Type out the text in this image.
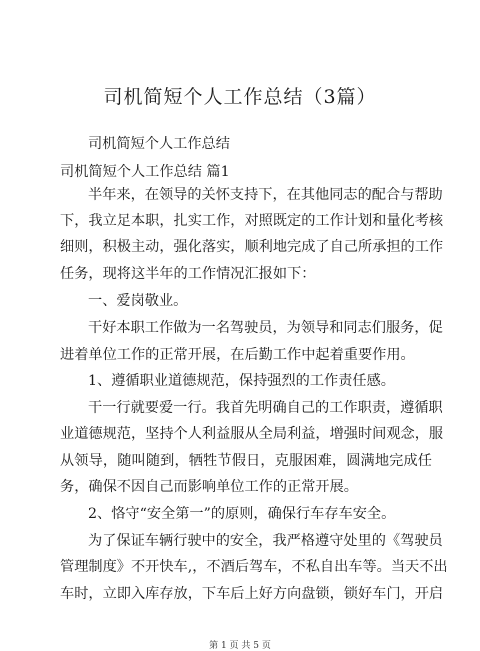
司机简短个人工作总结（3篇）
司机简短个人工作总结
司机简短个人工作总结 篇1
半年来，在领导的关怀支持下，在其他同志的配合与帮助
下，我立足本职，扎实工作，对照既定的工作计划和量化考核
细则，积极主动，强化落实，顺利地完成了自己所承担的工作
任务，现将这半年的工作情况汇报如下：
一、爱岗敬业。
干好本职工作做为一名驾驶员，为领导和同志们服务，促
进着单位工作的正常开展，在后勤工作中起着重要作用。
1、遵循职业道德规范，保持强烈的工作责任感。
干一行就要爱一行。我首先明确自己的工作职责，遵循职
业道德规范，坚持个人利益服从全局利益，增强时间观念，服
从领导，随叫随到，牺牲节假日，克服困难，圆满地完成任
务，确保不因自己而影响单位工作的正常开展。
2、恪守“安全第一”的原则，确保行车存车安全。
为了保证车辆行驶中的安全，我严格遵守处里的《驾驶员
管理制度》不开快车,，不酒后驾车，不私自出车等。当天不出
车时，立即入库存放，下车后上好方向盘锁，锁好车门，开启
第 1 页 共 5 页
